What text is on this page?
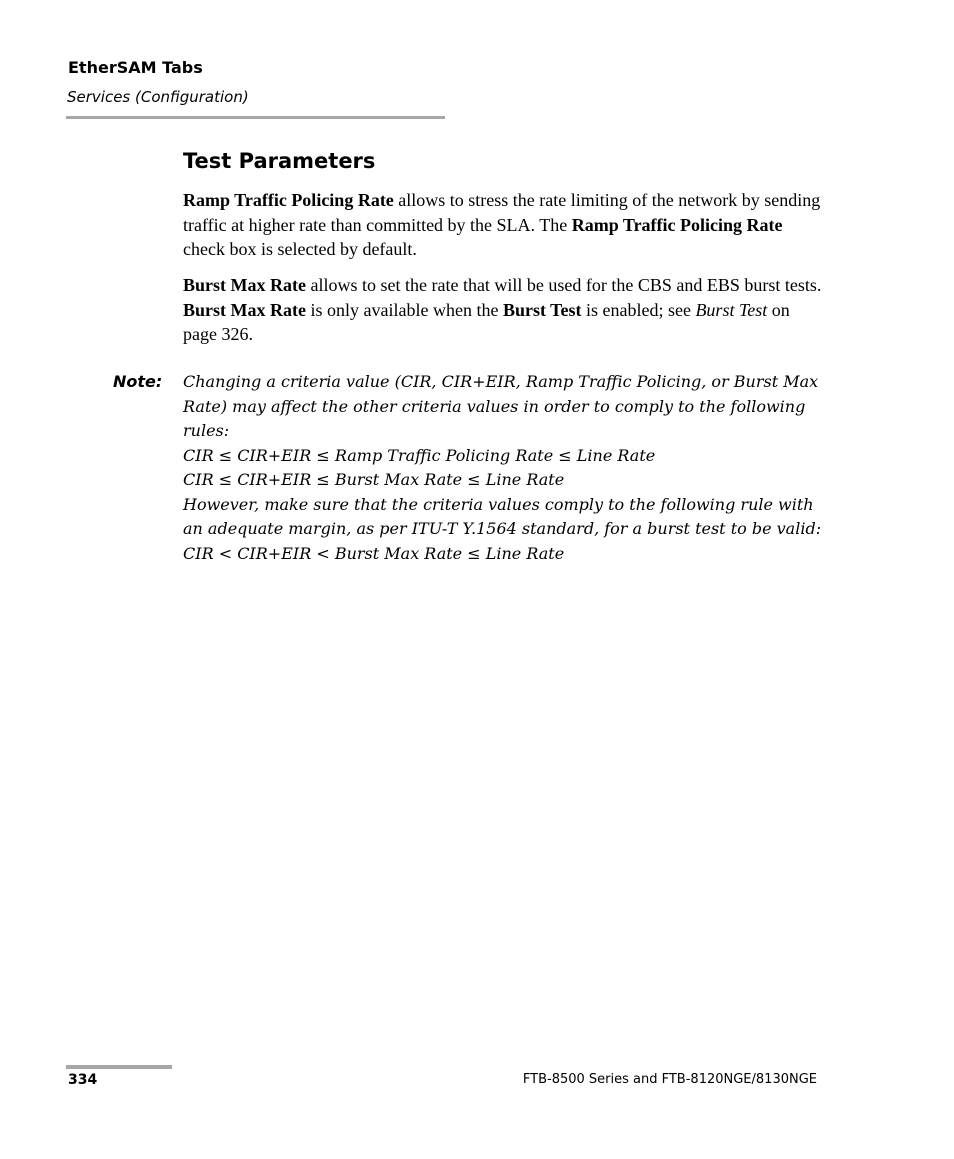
EtherSAM Tabs
Services (Configuration)
Test Parameters

Ramp Traffic Policing Rate allows to stress the rate limiting of the network by sending traffic at higher rate than committed by the SLA. The Ramp Traffic Policing Rate check box is selected by default.

Burst Max Rate allows to set the rate that will be used for the CBS and EBS burst tests. Burst Max Rate is only available when the Burst Test is enabled; see Burst Test on page 326.

Note: Changing a criteria value (CIR, CIR+EIR, Ramp Traffic Policing, or Burst Max Rate) may affect the other criteria values in order to comply to the following rules:
CIR ≤ CIR+EIR ≤ Ramp Traffic Policing Rate ≤ Line Rate
CIR ≤ CIR+EIR ≤ Burst Max Rate ≤ Line Rate
However, make sure that the criteria values comply to the following rule with an adequate margin, as per ITU-T Y.1564 standard, for a burst test to be valid:
CIR < CIR+EIR < Burst Max Rate ≤ Line Rate
334	FTB-8500 Series and FTB-8120NGE/8130NGE
